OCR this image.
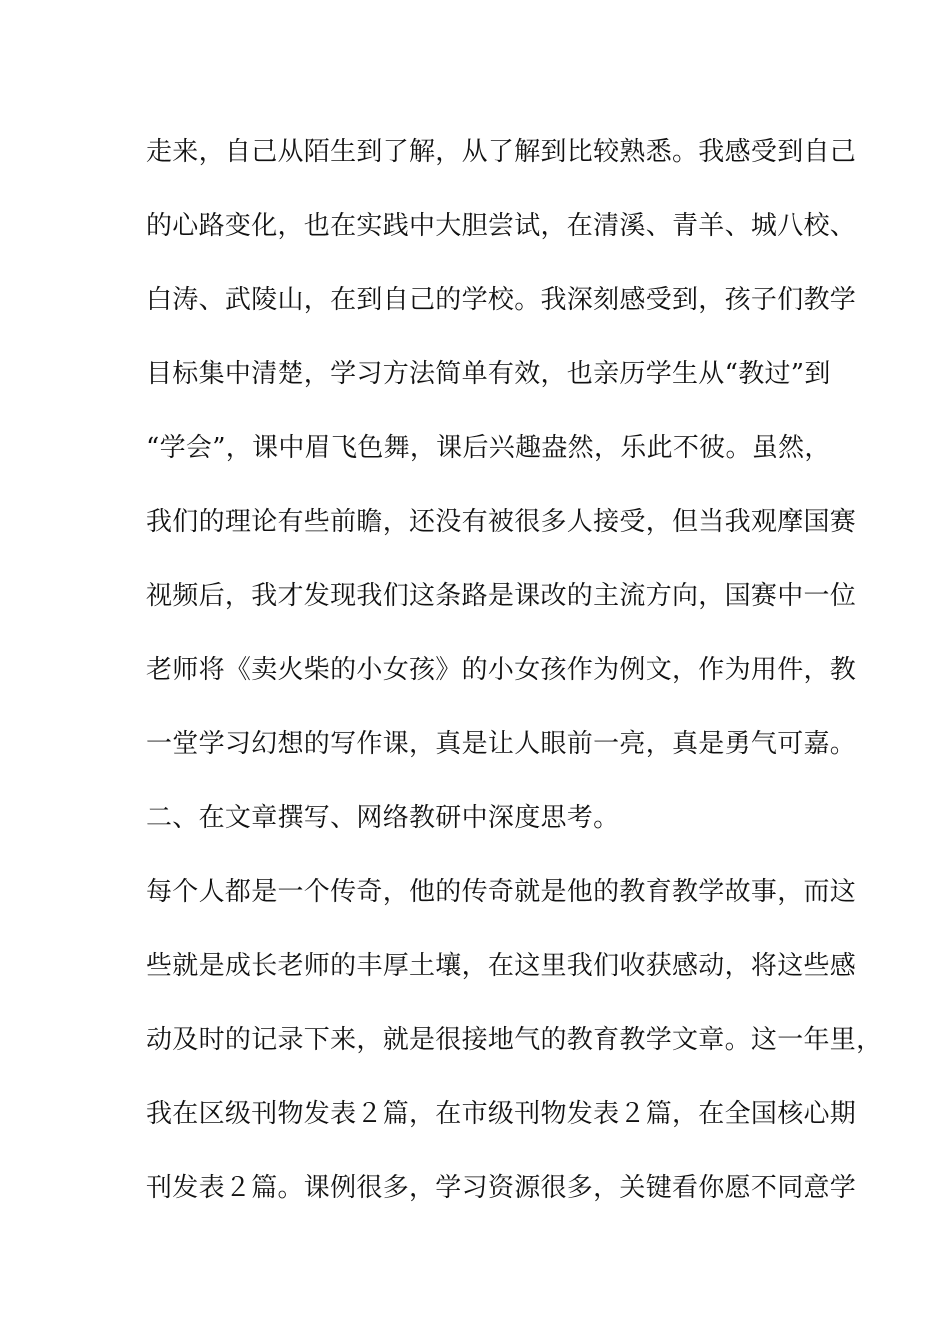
走来，自己从陌生到了解，从了解到比较熟悉。我感受到自己
的心路变化，也在实践中大胆尝试，在清溪、青羊、城八校、
白涛、武陵山，在到自己的学校。我深刻感受到，孩子们教学
目标集中清楚，学习方法简单有效，也亲历学生从“教过”到
“学会”，课中眉飞色舞，课后兴趣盎然，乐此不彼。虽然，
我们的理论有些前瞻，还没有被很多人接受，但当我观摩国赛
视频后，我才发现我们这条路是课改的主流方向，国赛中一位
老师将《卖火柴的小女孩》的小女孩作为例文，作为用件，教
一堂学习幻想的写作课，真是让人眼前一亮，真是勇气可嘉。
二、在文章撰写、网络教研中深度思考。
每个人都是一个传奇，他的传奇就是他的教育教学故事，而这
些就是成长老师的丰厚土壤，在这里我们收获感动，将这些感
动及时的记录下来，就是很接地气的教育教学文章。这一年里，
我在区级刊物发表２篇，在市级刊物发表２篇，在全国核心期
刊发表２篇。课例很多，学习资源很多，关键看你愿不同意学
